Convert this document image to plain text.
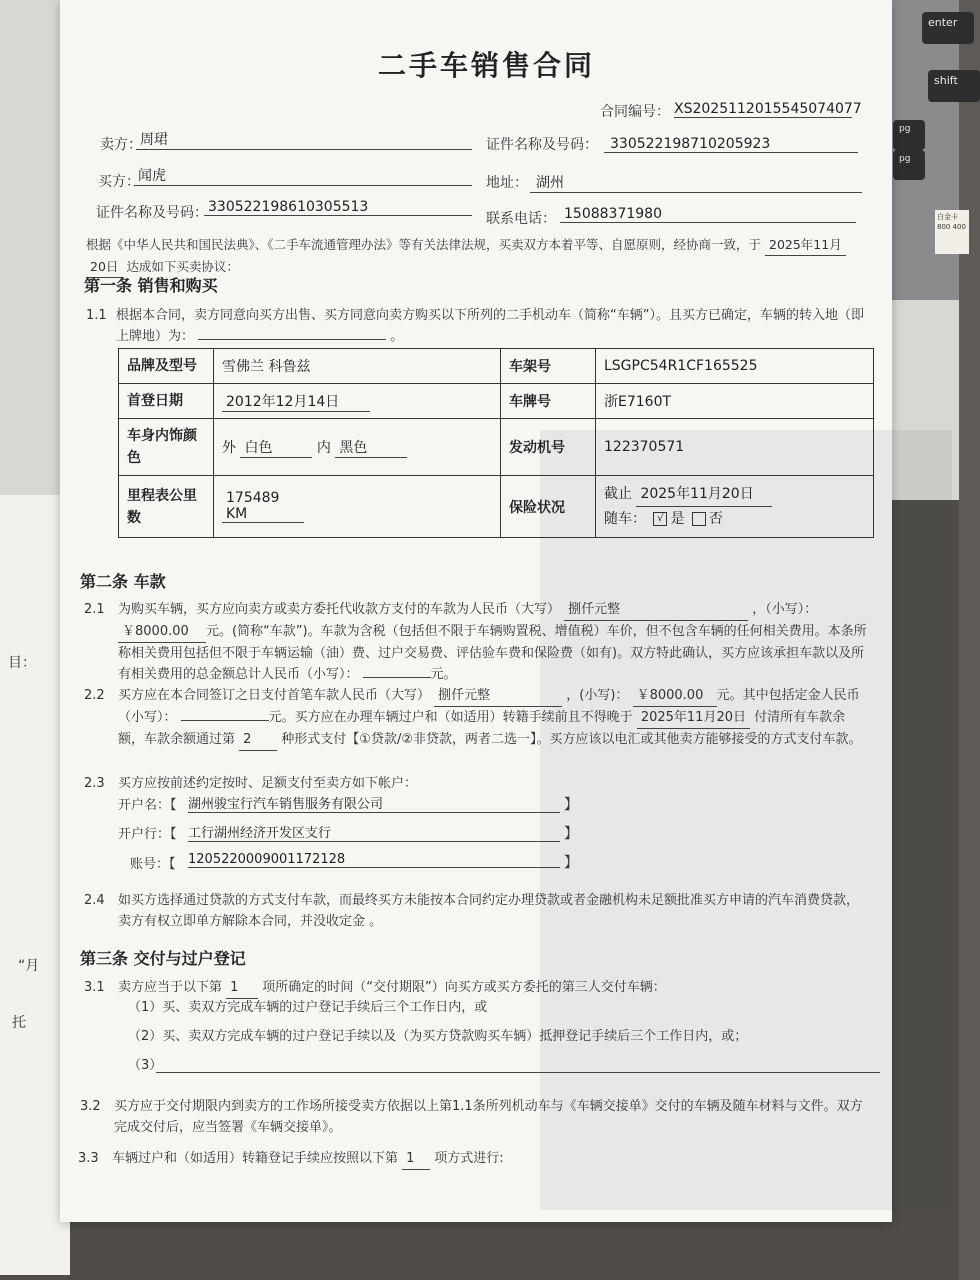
enter
shift
pg
pg
白金卡 800 400
目：
“月
托
二手车销售合同
合同编号： XS2025112015545074077
卖方：
周珺	证件名称及号码： 330522198710205923
买方：
闻虎	地址： 湖州
证件名称及号码： 330522198610305513
联系电话： 15088371980
根据《中华人民共和国民法典》、《二手车流通管理办法》等有关法律法规，买卖双方本着平等、自愿原则，经协商一致，于 2025年11月
20日 达成如下买卖协议：
第一条 销售和购买
1.1 根据本合同，卖方同意向买方出售、买方同意向卖方购买以下所列的二手机动车（简称“车辆”）。且买方已确定，车辆的转入地（即上牌地）为：	。
品牌及型号	雪佛兰 科鲁兹	车架号	LSGPC54R1CF165525
首登日期	2012年12月14日	车牌号	浙E7160T
车身内饰颜色	外 白色 内 黑色	发动机号	122370571
里程表公里数	175489 KM	保险状况	截止 2025年11月20日
随车： √ 是 否
第二条 车款
2.1	为购买车辆，买方应向卖方或卖方委托代收款方支付的车款为人民币（大写） 捌仟元整	，（小写）： ￥8000.00 元。(简称“车款”)。车款为含税（包括但不限于车辆购置税、增值税）车价，但不包含车辆的任何相关费用。本条所称相关费用包括但不限于车辆运输（油）费、过户交易费、评估验车费和保险费（如有)。双方特此确认，买方应该承担车款以及所有相关费用的总金额总计人民币（小写）：	元。
2.2	买方应在本合同签订之日支付首笔车款人民币（大写） 捌仟元整	，(小写)： ￥8000.00 元。其中包括定金人民币（小写）：	元。买方应在办理车辆过户和（如适用）转籍手续前且不得晚于 2025年11月20日 付清所有车款余额，车款余额通过第 2 种形式支付【①贷款/②非贷款，两者二选一】。买方应该以电汇或其他卖方能够接受的方式支付车款。
2.3	买方应按前述约定按时、足额支付至卖方如下帐户：
开户名：【 湖州骏宝行汽车销售服务有限公司	】
开户行：【 工行湖州经济开发区支行	】
账号：【 1205220009001172128	】
2.4	如买方选择通过贷款的方式支付车款，而最终买方未能按本合同约定办理贷款或者金融机构未足额批准买方申请的汽车消费贷款，卖方有权立即单方解除本合同，并没收定金 。
第三条 交付与过户登记
3.1	卖方应当于以下第 1 项所确定的时间（“交付期限”）向买方或买方委托的第三人交付车辆：
（1）买、卖双方完成车辆的过户登记手续后三个工作日内，或
（2）买、卖双方完成车辆的过户登记手续以及（为买方贷款购买车辆）抵押登记手续后三个工作日内，或；
（3）
3.2	买方应于交付期限内到卖方的工作场所接受卖方依据以上第1.1条所列机动车与《车辆交接单》交付的车辆及随车材料与文件。双方完成交付后，应当签署《车辆交接单》。
3.3	车辆过户和（如适用）转籍登记手续应按照以下第 1 项方式进行:
